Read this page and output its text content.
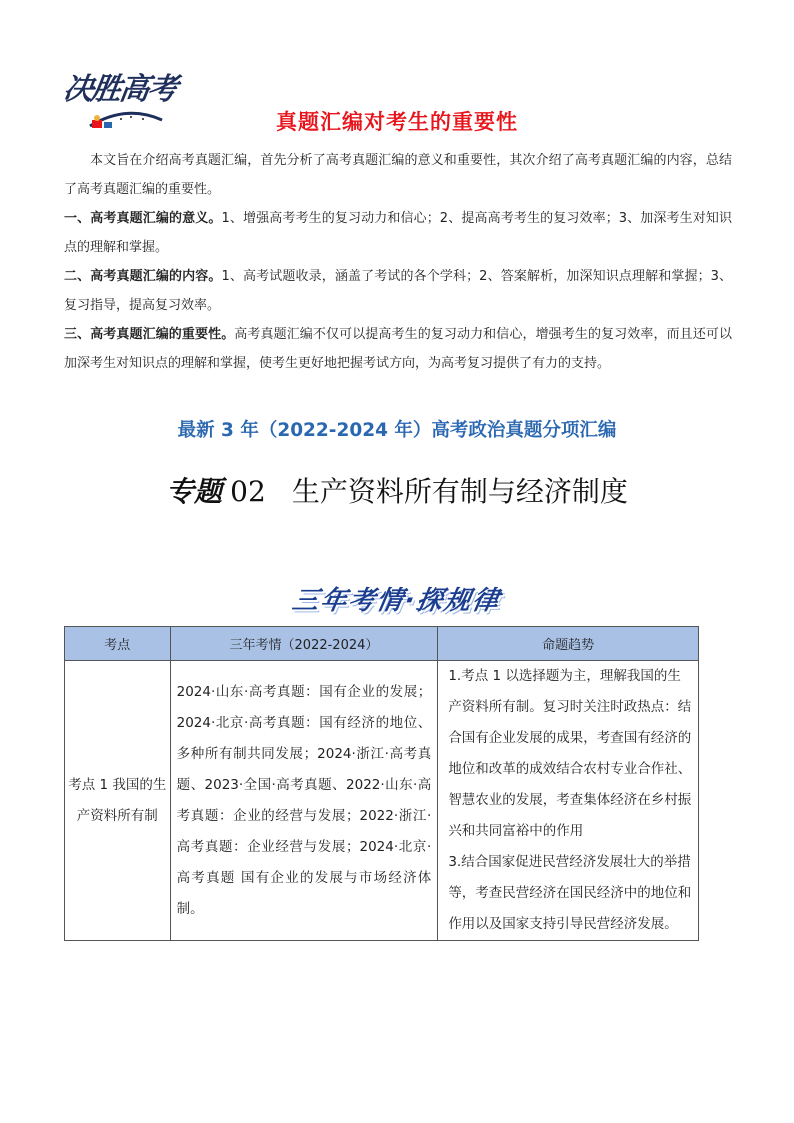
决胜高考
真题汇编对考生的重要性

本文旨在介绍高考真题汇编，首先分析了高考真题汇编的意义和重要性，其次介绍了高考真题汇编的内容，总结了高考真题汇编的重要性。

一、高考真题汇编的意义。1、增强高考考生的复习动力和信心；2、提高高考考生的复习效率；3、加深考生对知识点的理解和掌握。

二、高考真题汇编的内容。1、高考试题收录，涵盖了考试的各个学科；2、答案解析，加深知识点理解和掌握；3、复习指导，提高复习效率。

三、高考真题汇编的重要性。高考真题汇编不仅可以提高考生的复习动力和信心，增强考生的复习效率，而且还可以加深考生对知识点的理解和掌握，使考生更好地把握考试方向，为高考复习提供了有力的支持。

最新 3 年（2022-2024 年）高考政治真题分项汇编
专题 02 生产资料所有制与经济制度
三年考情·探规律
考点	三年考情（2022-2024）	命题趋势
考点 1 我国的生产资料所有制	2024·山东·高考真题：国有企业的发展；2024·北京·高考真题：国有经济的地位、多种所有制共同发展；2024·浙江·高考真题、2023·全国·高考真题、2022·山东·高考真题：企业的经营与发展；2022·浙江·高考真题：企业经营与发展；2024·北京·高考真题 国有企业的发展与市场经济体制。	1.考点 1 以选择题为主，理解我国的生产资料所有制。复习时关注时政热点：结合国有企业发展的成果，考查国有经济的地位和改革的成效结合农村专业合作社、智慧农业的发展，考查集体经济在乡村振兴和共同富裕中的作用

3.结合国家促进民营经济发展壮大的举措等，考查民营经济在国民经济中的地位和作用以及国家支持引导民营经济发展。
